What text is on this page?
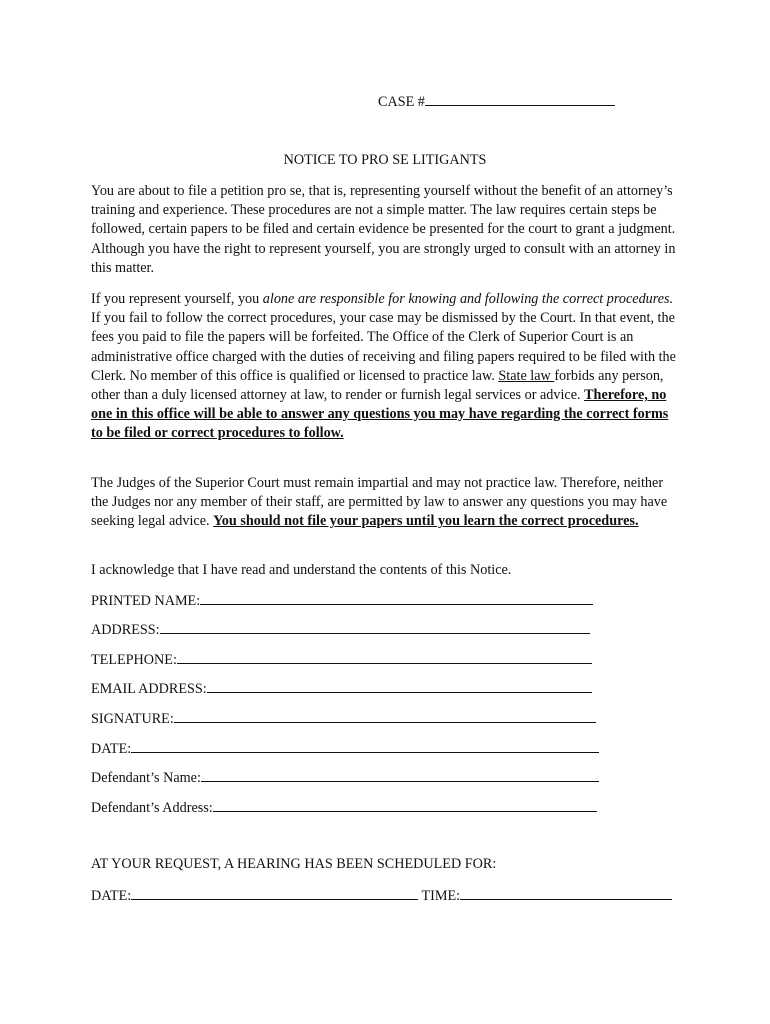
CASE #
NOTICE TO PRO SE LITIGANTS
You are about to file a petition pro se, that is, representing yourself without the benefit of an attorney’s training and experience. These procedures are not a simple matter. The law requires certain steps be followed, certain papers to be filed and certain evidence be presented for the court to grant a judgment. Although you have the right to represent yourself, you are strongly urged to consult with an attorney in this matter.
If you represent yourself, you alone are responsible for knowing and following the correct procedures. If you fail to follow the correct procedures, your case may be dismissed by the Court. In that event, the fees you paid to file the papers will be forfeited. The Office of the Clerk of Superior Court is an administrative office charged with the duties of receiving and filing papers required to be filed with the Clerk. No member of this office is qualified or licensed to practice law. State law forbids any person, other than a duly licensed attorney at law, to render or furnish legal services or advice. Therefore, no one in this office will be able to answer any questions you may have regarding the correct forms to be filed or correct procedures to follow.
The Judges of the Superior Court must remain impartial and may not practice law. Therefore, neither the Judges nor any member of their staff, are permitted by law to answer any questions you may have seeking legal advice. You should not file your papers until you learn the correct procedures.
I acknowledge that I have read and understand the contents of this Notice.
PRINTED NAME:
ADDRESS:
TELEPHONE:
EMAIL ADDRESS:
SIGNATURE:
DATE:
Defendant’s Name:
Defendant’s Address:
AT YOUR REQUEST, A HEARING HAS BEEN SCHEDULED FOR:
DATE:	TIME:
